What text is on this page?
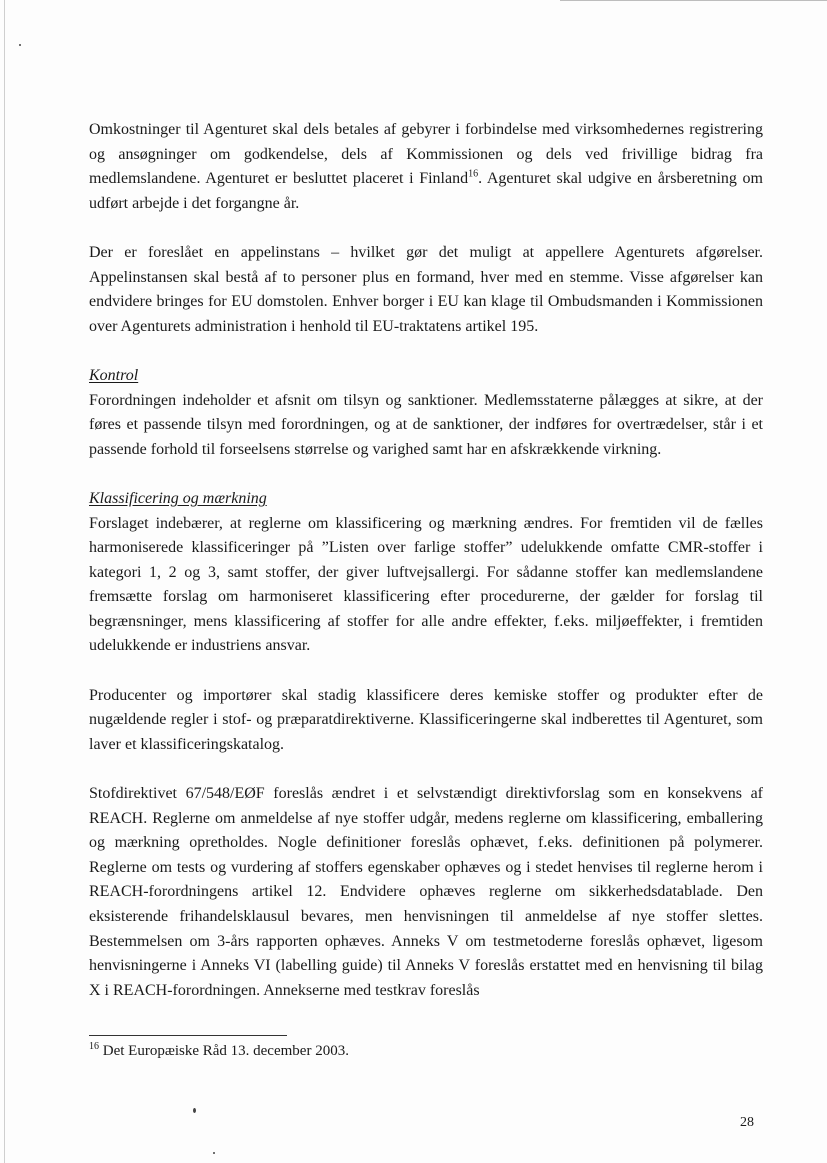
Omkostninger til Agenturet skal dels betales af gebyrer i forbindelse med virksomhedernes registrering og ansøgninger om godkendelse, dels af Kommissionen og dels ved frivillige bidrag fra medlemslandene. Agenturet er besluttet placeret i Finland$^{16}$. Agenturet skal udgive en årsberetning om udført arbejde i det forgangne år.

Der er foreslået en appelinstans – hvilket gør det muligt at appellere Agenturets afgørelser. Appelinstansen skal bestå af to personer plus en formand, hver med en stemme. Visse afgørelser kan endvidere bringes for EU domstolen. Enhver borger i EU kan klage til Ombudsmanden i Kommissionen over Agenturets administration i henhold til EU-traktatens artikel 195.

Kontrol
Forordningen indeholder et afsnit om tilsyn og sanktioner. Medlemsstaterne pålægges at sikre, at der føres et passende tilsyn med forordningen, og at de sanktioner, der indføres for overtrædelser, står i et passende forhold til forseelsens størrelse og varighed samt har en afskrækkende virkning.

Klassificering og mærkning
Forslaget indebærer, at reglerne om klassificering og mærkning ændres. For fremtiden vil de fælles harmoniserede klassificeringer på ”Listen over farlige stoffer” udelukkende omfatte CMR-stoffer i kategori 1, 2 og 3, samt stoffer, der giver luftvejsallergi. For sådanne stoffer kan medlemslandene fremsætte forslag om harmoniseret klassificering efter procedurerne, der gælder for forslag til begrænsninger, mens klassificering af stoffer for alle andre effekter, f.eks. miljøeffekter, i fremtiden udelukkende er industriens ansvar.

Producenter og importører skal stadig klassificere deres kemiske stoffer og produkter efter de nugældende regler i stof- og præparatdirektiverne. Klassificeringerne skal indberettes til Agenturet, som laver et klassificeringskatalog.

Stofdirektivet 67/548/EØF foreslås ændret i et selvstændigt direktivforslag som en konsekvens af REACH. Reglerne om anmeldelse af nye stoffer udgår, medens reglerne om klassificering, emballering og mærkning opretholdes. Nogle definitioner foreslås ophævet, f.eks. definitionen på polymerer. Reglerne om tests og vurdering af stoffers egenskaber ophæves og i stedet henvises til reglerne herom i REACH-forordningens artikel 12. Endvidere ophæves reglerne om sikkerhedsdatablade. Den eksisterende frihandelsklausul bevares, men henvisningen til anmeldelse af nye stoffer slettes. Bestemmelsen om 3-års rapporten ophæves. Anneks V om testmetoderne foreslås ophævet, ligesom henvisningerne i Anneks VI (labelling guide) til Anneks V foreslås erstattet med en henvisning til bilag X i REACH-forordningen. Annekserne med testkrav foreslås

$^{16}$ Det Europæiske Råd 13. december 2003.
28
